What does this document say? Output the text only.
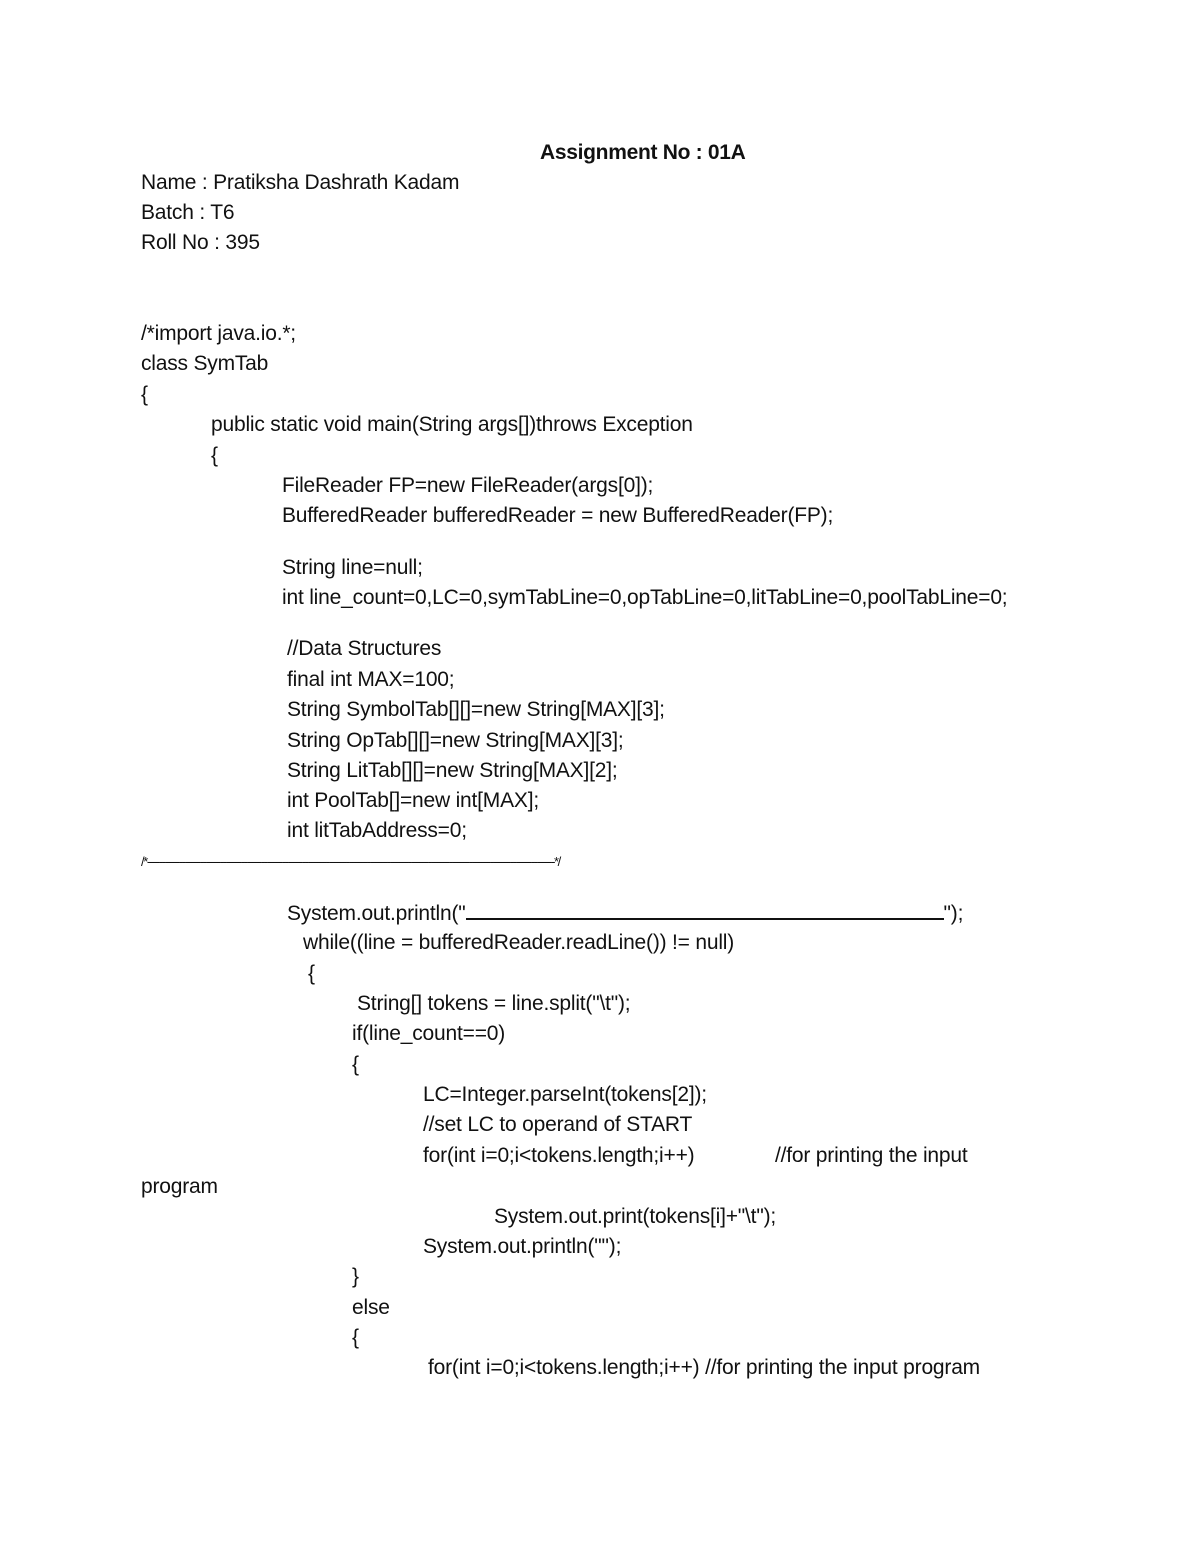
Assignment No : 01A
Name : Pratiksha Dashrath Kadam
Batch : T6
Roll No : 395
/*import java.io.*;
class SymTab
{
public static void main(String args[])throws Exception
{
FileReader FP=new FileReader(args[0]);
BufferedReader bufferedReader = new BufferedReader(FP);
String line=null;
int line_count=0,LC=0,symTabLine=0,opTabLine=0,litTabLine=0,poolTabLine=0;
//Data Structures
final int MAX=100;
String SymbolTab[][]=new String[MAX][3];
String OpTab[][]=new String[MAX][3];
String LitTab[][]=new String[MAX][2];
int PoolTab[]=new int[MAX];
int litTabAddress=0;
/*-------------------------------------------------------------------------------------------------------------------------------------------*/
System.out.println("	");
while((line = bufferedReader.readLine()) != null)
{
String[] tokens = line.split("\t");
if(line_count==0)
{
LC=Integer.parseInt(tokens[2]);
//set LC to operand of START
for(int i=0;i<tokens.length;i++)	//for printing the input
program
System.out.print(tokens[i]+"\t");
System.out.println("");
}
else
{
for(int i=0;i<tokens.length;i++) //for printing the input program
